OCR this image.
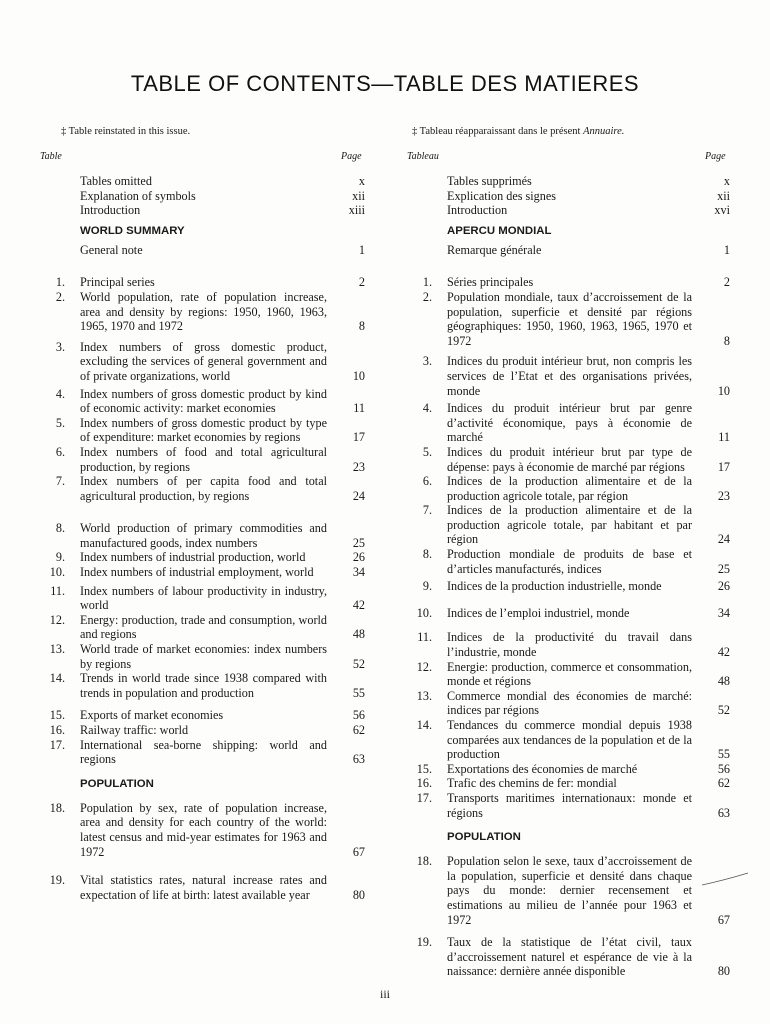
TABLE OF CONTENTS—TABLE DES MATIERES
‡ Table reinstated in this issue.	‡ Tableau réapparaissant dans le présent Annuaire.
Table	Page	Tableau	Page
Tables omitted	x
Explanation of symbols	xii
Introduction	xiii
WORLD SUMMARY
General note	1
1. Principal series	2
2. World population, rate of population increase, area and density by regions: 1950, 1960, 1963, 1965, 1970 and 1972	8
3. Index numbers of gross domestic product, excluding the services of general government and of private organizations, world	10
4. Index numbers of gross domestic product by kind of economic activity: market economies	11
5. Index numbers of gross domestic product by type of expenditure: market economies by regions	17
6. Index numbers of food and total agricultural production, by regions	23
7. Index numbers of per capita food and total agricultural production, by regions	24
8. World production of primary commodities and manufactured goods, index numbers	25
9. Index numbers of industrial production, world	26
10. Index numbers of industrial employment, world	34
11. Index numbers of labour productivity in industry, world	42
12. Energy: production, trade and consumption, world and regions	48
13. World trade of market economies: index numbers by regions	52
14. Trends in world trade since 1938 compared with trends in population and production	55
15. Exports of market economies	56
16. Railway traffic: world	62
17. International sea-borne shipping: world and regions	63
POPULATION
18. Population by sex, rate of population increase, area and density for each country of the world: latest census and mid-year estimates for 1963 and 1972	67
19. Vital statistics rates, natural increase rates and expectation of life at birth: latest available year	80
Tables supprimés	x
Explication des signes	xii
Introduction	xvi
APERCU MONDIAL
Remarque générale	1
1. Séries principales	2
2. Population mondiale, taux d’accroissement de la population, superficie et densité par régions géographiques: 1950, 1960, 1963, 1965, 1970 et 1972	8
3. Indices du produit intérieur brut, non compris les services de l’Etat et des organisations privées, monde	10
4. Indices du produit intérieur brut par genre d’activité économique, pays à économie de marché	11
5. Indices du produit intérieur brut par type de dépense: pays à économie de marché par régions	17
6. Indices de la production alimentaire et de la production agricole totale, par région	23
7. Indices de la production alimentaire et de la production agricole totale, par habitant et par région	24
8. Production mondiale de produits de base et d’articles manufacturés, indices	25
9. Indices de la production industrielle, monde	26
10. Indices de l’emploi industriel, monde	34
11. Indices de la productivité du travail dans l’industrie, monde	42
12. Energie: production, commerce et consommation, monde et régions	48
13. Commerce mondial des économies de marché: indices par régions	52
14. Tendances du commerce mondial depuis 1938 comparées aux tendances de la population et de la production	55
15. Exportations des économies de marché	56
16. Trafic des chemins de fer: mondial	62
17. Transports maritimes internationaux: monde et régions	63
POPULATION
18. Population selon le sexe, taux d’accroissement de la population, superficie et densité dans chaque pays du monde: dernier recensement et estimations au milieu de l’année pour 1963 et 1972	67
19. Taux de la statistique de l’état civil, taux d’accroissement naturel et espérance de vie à la naissance: dernière année disponible	80
iii
